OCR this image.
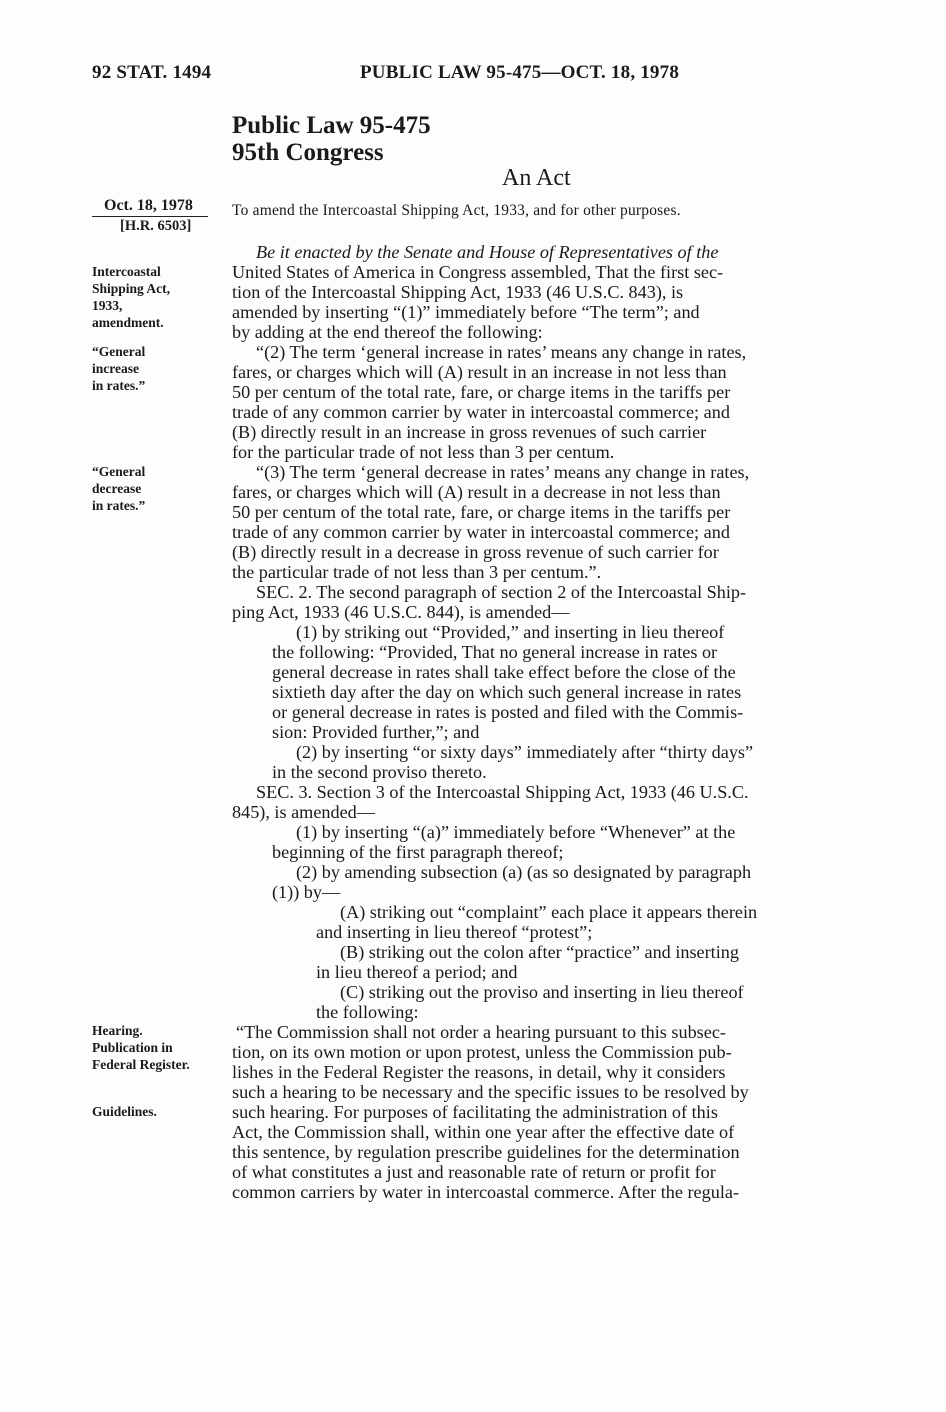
92 STAT. 1494	PUBLIC LAW 95-475—OCT. 18, 1978
Public Law 95-475
95th Congress
An Act
Oct. 18, 1978
[H.R. 6503]
Intercoastal
Shipping Act,
1933,
amendment.
“General
increase
in rates.”
“General
decrease
in rates.”
Hearing.
Publication in
Federal Register.
Guidelines.
To amend the Intercoastal Shipping Act, 1933, and for other purposes.
Be it enacted by the Senate and House of Representatives of the
United States of America in Congress assembled, That the first sec-
tion of the Intercoastal Shipping Act, 1933 (46 U.S.C. 843), is
amended by inserting “(1)” immediately before “The term”; and
by adding at the end thereof the following:
“(2) The term ‘general increase in rates’ means any change in rates,
fares, or charges which will (A) result in an increase in not less than
50 per centum of the total rate, fare, or charge items in the tariffs per
trade of any common carrier by water in intercoastal commerce; and
(B) directly result in an increase in gross revenues of such carrier
for the particular trade of not less than 3 per centum.
“(3) The term ‘general decrease in rates’ means any change in rates,
fares, or charges which will (A) result in a decrease in not less than
50 per centum of the total rate, fare, or charge items in the tariffs per
trade of any common carrier by water in intercoastal commerce; and
(B) directly result in a decrease in gross revenue of such carrier for
the particular trade of not less than 3 per centum.”.
SEC. 2. The second paragraph of section 2 of the Intercoastal Ship-
ping Act, 1933 (46 U.S.C. 844), is amended—
(1) by striking out “Provided,” and inserting in lieu thereof
the following: “Provided, That no general increase in rates or
general decrease in rates shall take effect before the close of the
sixtieth day after the day on which such general increase in rates
or general decrease in rates is posted and filed with the Commis-
sion: Provided further,”; and
(2) by inserting “or sixty days” immediately after “thirty days”
in the second proviso thereto.
SEC. 3. Section 3 of the Intercoastal Shipping Act, 1933 (46 U.S.C.
845), is amended—
(1) by inserting “(a)” immediately before “Whenever” at the
beginning of the first paragraph thereof;
(2) by amending subsection (a) (as so designated by paragraph
(1)) by—
(A) striking out “complaint” each place it appears therein
and inserting in lieu thereof “protest”;
(B) striking out the colon after “practice” and inserting
in lieu thereof a period; and
(C) striking out the proviso and inserting in lieu thereof
the following:
“The Commission shall not order a hearing pursuant to this subsec-
tion, on its own motion or upon protest, unless the Commission pub-
lishes in the Federal Register the reasons, in detail, why it considers
such a hearing to be necessary and the specific issues to be resolved by
such hearing. For purposes of facilitating the administration of this
Act, the Commission shall, within one year after the effective date of
this sentence, by regulation prescribe guidelines for the determination
of what constitutes a just and reasonable rate of return or profit for
common carriers by water in intercoastal commerce. After the regula-
